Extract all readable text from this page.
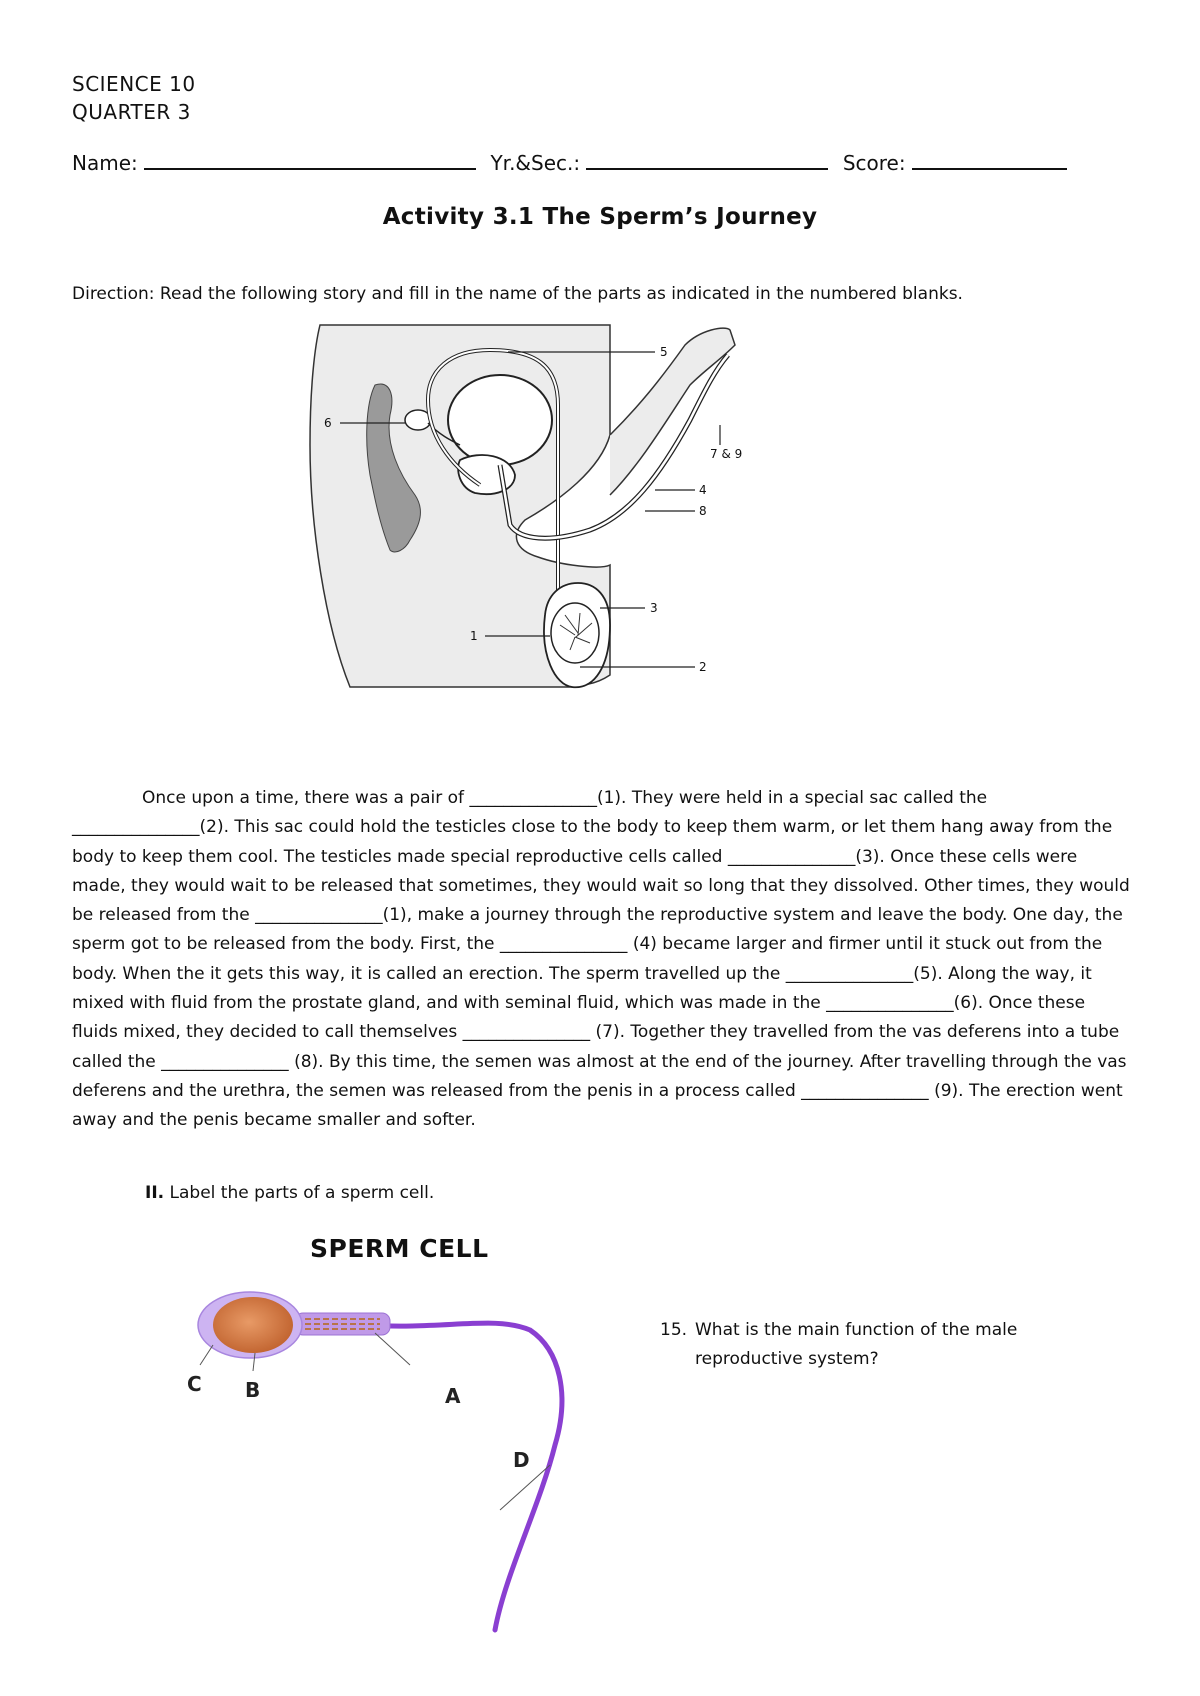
SCIENCE 10
QUARTER 3
Name:	Yr.&Sec.:	Score:
Activity 3.1 The Sperm’s Journey
Direction: Read the following story and fill in the name of the parts as indicated in the numbered blanks.
5
6
7 & 9
4
8
3
1
2

Once upon a time, there was a pair of _______________(1). They were held in a special sac called the _______________(2). This sac could hold the testicles close to the body to keep them warm, or let them hang away from the body to keep them cool. The testicles made special reproductive cells called _______________(3). Once these cells were made, they would wait to be released that sometimes, they would wait so long that they dissolved. Other times, they would be released from the _______________(1), make a journey through the reproductive system and leave the body. One day, the sperm got to be released from the body. First, the _______________ (4) became larger and firmer until it stuck out from the body. When the it gets this way, it is called an erection. The sperm travelled up the _______________(5). Along the way, it mixed with fluid from the prostate gland, and with seminal fluid, which was made in the _______________(6). Once these fluids mixed, they decided to call themselves _______________ (7). Together they travelled from the vas deferens into a tube called the _______________ (8). By this time, the semen was almost at the end of the journey. After travelling through the vas deferens and the urethra, the semen was released from the penis in a process called _______________ (9). The erection went away and the penis became smaller and softer.

II. Label the parts of a sperm cell.
SPERM CELL
C B	A
D
15. What is the main function of the male reproductive system?
